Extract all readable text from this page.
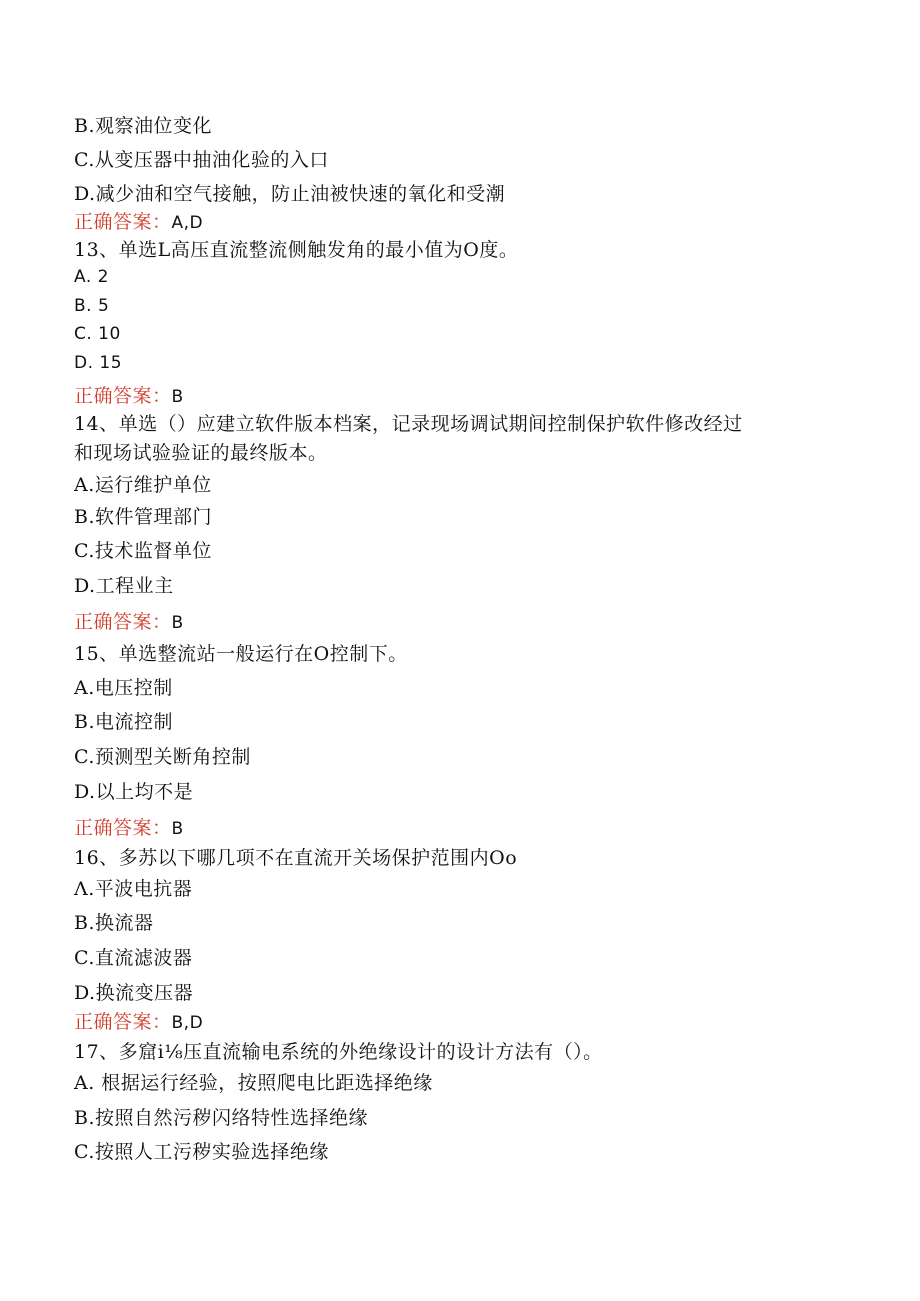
B.观察油位变化
C.从变压器中抽油化验的入口
D.减少油和空气接触，防止油被快速的氧化和受潮
正确答案：A,D
13、单选L高压直流整流侧触发角的最小值为O度。
A. 2
B. 5
C. 10
D. 15
正确答案：B
14、单选（）应建立软件版本档案，记录现场调试期间控制保护软件修改经过
和现场试验验证的最终版本。
A.运行维护单位
B.软件管理部门
C.技术监督单位
D.工程业主
正确答案：B
15、单选整流站一般运行在O控制下。
A.电压控制
B.电流控制
C.预测型关断角控制
D.以上均不是
正确答案：B
16、多苏以下哪几项不在直流开关场保护范围内Oo
Λ.平波电抗器
B.换流器
C.直流滤波器
D.换流变压器
正确答案：B,D
17、多窟i⅛压直流输电系统的外绝缘设计的设计方法有（）。
A. 根据运行经验，按照爬电比距选择绝缘
B.按照自然污秽闪络特性选择绝缘
C.按照人工污秽实验选择绝缘
